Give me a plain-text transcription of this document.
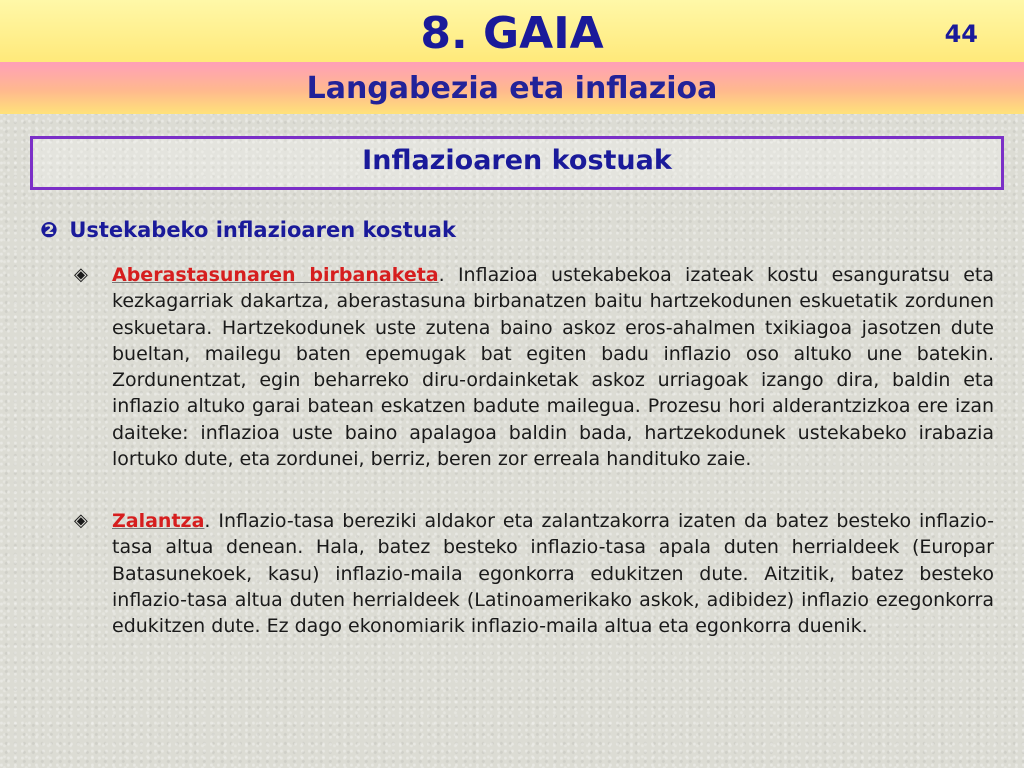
8. GAIA	44
Langabezia eta inflazioa
Inflazioaren kostuak
❷ Ustekabeko inflazioaren kostuak
◈ Aberastasunaren birbanaketa. Inflazioa ustekabekoa izateak kostu esanguratsu eta kezkagarriak dakartza, aberastasuna birbanatzen baitu hartzekodunen eskuetatik zordunen eskuetara. Hartzekodunek uste zutena baino askoz eros-ahalmen txikiagoa jasotzen dute bueltan, mailegu baten epemugak bat egiten badu inflazio oso altuko une batekin. Zordunentzat, egin beharreko diru-ordainketak askoz urriagoak izango dira, baldin eta inflazio altuko garai batean eskatzen badute mailegua. Prozesu hori alderantzizkoa ere izan daiteke: inflazioa uste baino apalagoa baldin bada, hartzekodunek ustekabeko irabazia lortuko dute, eta zordunei, berriz, beren zor erreala handituko zaie.
◈ Zalantza. Inflazio-tasa bereziki aldakor eta zalantzakorra izaten da batez besteko inflazio-tasa altua denean. Hala, batez besteko inflazio-tasa apala duten herrialdeek (Europar Batasunekoek, kasu) inflazio-maila egonkorra edukitzen dute. Aitzitik, batez besteko inflazio-tasa altua duten herrialdeek (Latinoamerikako askok, adibidez) inflazio ezegonkorra edukitzen dute. Ez dago ekonomiarik inflazio-maila altua eta egonkorra duenik.
